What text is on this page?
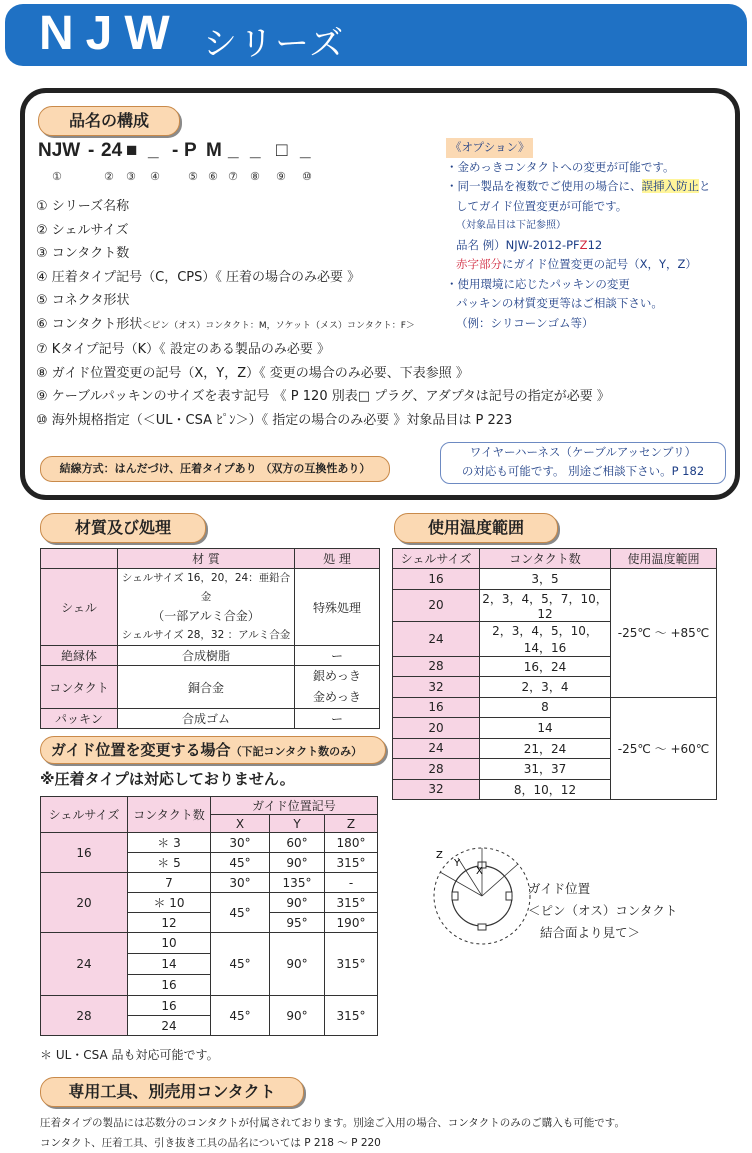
NJW シリーズ
品名の構成
NJW - 24 ■ _ - P M _ _ □ _
①	② ③ ④	⑤ ⑥ ⑦ ⑧ ⑨ ⑩
① シリーズ名称
② シェルサイズ
③ コンタクト数
④ 圧着タイプ記号（C，CPS）《 圧着の場合のみ必要 》
⑤ コネクタ形状
⑥ コンタクト形状＜ピン（オス）コンタクト：M，ソケット（メス）コンタクト：F＞
⑦ Kタイプ記号（K）《 設定のある製品のみ必要 》
⑧ ガイド位置変更の記号（X，Y，Z）《 変更の場合のみ必要、下表参照 》
⑨ ケーブルパッキンのサイズを表す記号 《 P 120 別表□ プラグ、アダプタは記号の指定が必要 》
⑩ 海外規格指定（＜UL・CSA ﾋﾟﾝ＞）《 指定の場合のみ必要 》対象品目は P 223
結線方式：はんだづけ、圧着タイプあり （双方の互換性あり）
《オプション》
・金めっきコンタクトへの変更が可能です。
・同一製品を複数でご使用の場合に、誤挿入防止と
してガイド位置変更が可能です。
（対象品目は下記参照）
品名 例）NJW-2012-PFZ12
赤字部分にガイド位置変更の記号（X，Y，Z）
・使用環境に応じたパッキンの変更
パッキンの材質変更等はご相談下さい。
（例：シリコーンゴム等）
ワイヤーハーネス（ケーブルアッセンブリ）
の対応も可能です。 別途ご相談下さい。P 182
材質及び処理
	材 質	処 理
シェル	シェルサイズ 16，20，24：亜鉛合金
（一部アルミ合金）
シェルサイズ 28，32 ：アルミ合金	特殊処理
絶縁体	合成樹脂	ー
コンタクト	銅合金	銀めっき
金めっき

パッキン	合成ゴム	ー
使用温度範囲
シェルサイズ	コンタクト数	使用温度範囲
16	3，5	-25℃ 〜 +85℃
20	2，3，4，5，7，10，12	
24	2，3，4，5，10，14，16	
28	16，24	
32	2，3，4	
16	8	-25℃ 〜 +60℃
20	14	
24	21，24	
28	31，37	
32	8，10，12	
ガイド位置を変更する場合（下記コンタクト数のみ）
※圧着タイプは対応しておりません。
シェルサイズ	コンタクト数	ガイド位置記号		
		X	Y	Z
16	＊ 3	30°	60°	180°
	＊ 5	45°	90°	315°
20	7	30°	135°	-
	＊ 10	45°	90°	315°
	12		95°	190°
24	10	45°	90°	315°
	14			
	16			
28	16	45°	90°	315°
	24			
＊ UL・CSA 品も対応可能です。
Z
Y
X
ガイド位置
＜ピン（オス）コンタクト
結合面より見て＞
専用工具、別売用コンタクト
圧着タイプの製品には芯数分のコンタクトが付属されております。別途ご入用の場合、コンタクトのみのご購入も可能です。
コンタクト、圧着工具、引き抜き工具の品名については P 218 〜 P 220
